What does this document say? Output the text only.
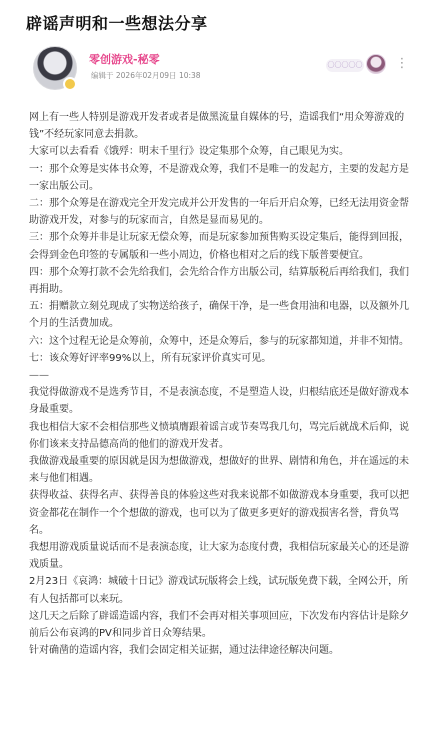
辟谣声明和一些想法分享
零创游戏-秘零
编辑于 2026年02月09日 10:38
〇〇〇〇〇	⋮

网上有一些人特别是游戏开发者或者是做黑流量自媒体的号，造谣我们“用众筹游戏的钱”不经玩家同意去捐款。

大家可以去看看《饿殍：明末千里行》设定集那个众筹，自己眼见为实。

一：那个众筹是实体书众筹，不是游戏众筹，我们不是唯一的发起方，主要的发起方是一家出版公司。

二：那个众筹是在游戏完全开发完成并公开发售的一年后开启众筹，已经无法用资金帮助游戏开发，对参与的玩家而言，自然是显而易见的。

三：那个众筹并非是让玩家无偿众筹，而是玩家参加预售购买设定集后，能得到回报，会得到金色印签的专属版和一些小周边，价格也相对之后的线下版普要便宜。

四：那个众筹打款不会先给我们，会先给合作方出版公司，结算版税后再给我们，我们再捐助。

五：捐赠款立刻兑现成了实物送给孩子，确保干净，是一些食用油和电器，以及额外几个月的生活费加成。

六：这个过程无论是众筹前，众筹中，还是众筹后，参与的玩家都知道，并非不知情。

七：该众筹好评率99%以上，所有玩家评价真实可见。

——

我觉得做游戏不是选秀节目，不是表演态度，不是塑造人设，归根结底还是做好游戏本身最重要。

我也相信大家不会相信那些义愤填膺跟着谣言或节奏骂我几句，骂完后就战术后仰，说你们该来支持品德高尚的他们的游戏开发者。

我做游戏最重要的原因就是因为想做游戏，想做好的世界、剧情和角色，并在遥远的未来与他们相遇。

获得收益、获得名声、获得善良的体验这些对我来说都不如做游戏本身重要，我可以把资金都花在制作一个个想做的游戏，也可以为了做更多更好的游戏损害名誉，背负骂名。

我想用游戏质量说话而不是表演态度，让大家为态度付费，我相信玩家最关心的还是游戏质量。

2月23日《哀鸿：城破十日记》游戏试玩版将会上线，试玩版免费下载，全网公开，所有人包括都可以来玩。

这几天之后除了辟谣造谣内容，我们不会再对相关事项回应，下次发布内容估计是除夕前后公布哀鸿的PV和同步首日众筹结果。

针对确凿的造谣内容，我们会固定相关证据，通过法律途径解决问题。
